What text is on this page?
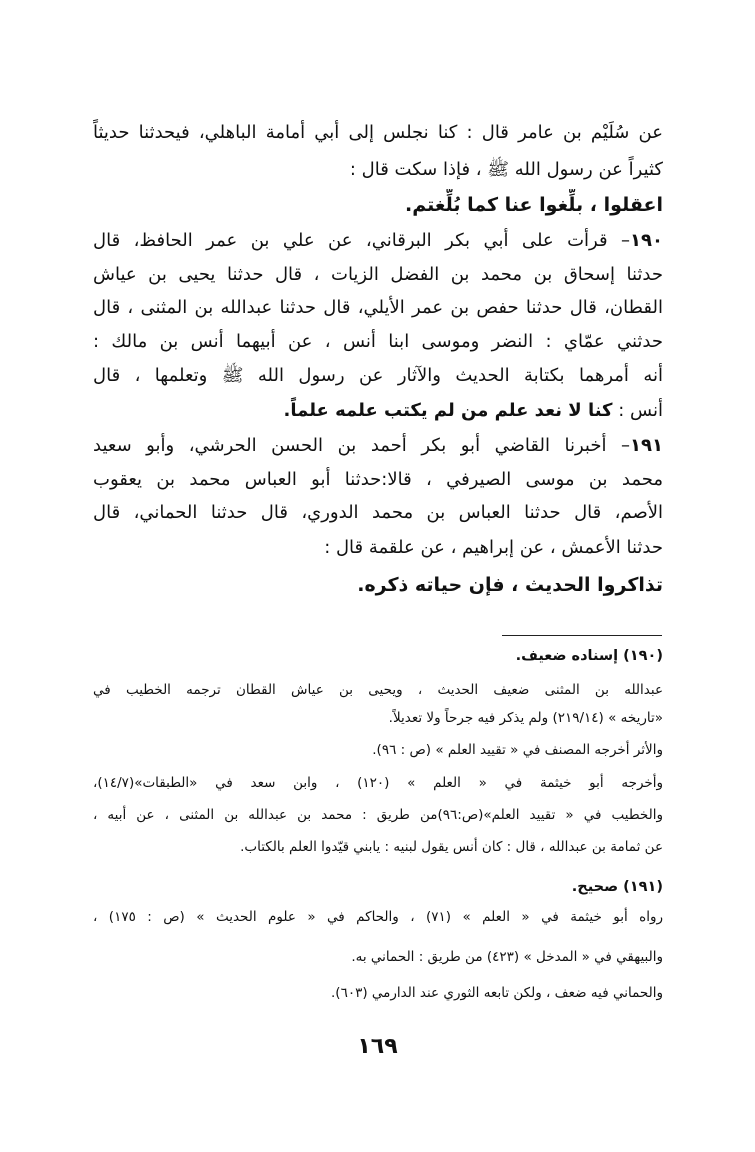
عن سُلَيْم بن عامر قال : كنا نجلس إلى أبي أمامة الباهلي، فيحدثنا حديثاً
كثيراً عن رسول الله ﷺ ، فإذا سكت قال :
اعقلوا ، بلِّغوا عنا كما بُلِّغتم.
١٩٠– قرأت على أبي بكر البرقاني، عن علي بن عمر الحافظ، قال
حدثنا إسحاق بن محمد بن الفضل الزيات ، قال حدثنا يحيى بن عياش
القطان، قال حدثنا حفص بن عمر الأيلي، قال حدثنا عبدالله بن المثنى ، قال
حدثني عمّاي : النضر وموسى ابنا أنس ، عن أبيهما أنس بن مالك :
أنه أمرهما بكتابة الحديث والآثار عن رسول الله ﷺ وتعلمها ، قال
أنس : كنا لا نعد علم من لم يكتب علمه علماً.
١٩١– أخبرنا القاضي أبو بكر أحمد بن الحسن الحرشي، وأبو سعيد
محمد بن موسى الصيرفي ، قالا:حدثنا أبو العباس محمد بن يعقوب
الأصم، قال حدثنا العباس بن محمد الدوري، قال حدثنا الحماني، قال
حدثنا الأعمش ، عن إبراهيم ، عن علقمة قال :
تذاكروا الحديث ، فإن حياته ذكره.
(١٩٠) إسناده ضعيف.
عبدالله بن المثنى ضعيف الحديث ، ويحيى بن عياش القطان ترجمه الخطيب في
«تاريخه » (٢١٩/١٤) ولم يذكر فيه جرحاً ولا تعديلاً.
والأثر أخرجه المصنف في « تقييد العلم » (ص : ٩٦).
وأخرجه أبو خيثمة في « العلم » (١٢٠) ، وابن سعد في «الطبقات»(١٤/٧)،
والخطيب في « تقييد العلم»(ص:٩٦)من طريق : محمد بن عبدالله بن المثنى ، عن أبيه ،
عن ثمامة بن عبدالله ، قال : كان أنس يقول لبنيه : يابني قيّدوا العلم بالكتاب.
(١٩١) صحيح.
رواه أبو خيثمة في « العلم » (٧١) ، والحاكم في « علوم الحديث » (ص : ١٧٥) ،
والبيهقي في « المدخل » (٤٢٣) من طريق : الحماني به.
والحماني فيه ضعف ، ولكن تابعه الثوري عند الدارمي (٦٠٣).
١٦٩
